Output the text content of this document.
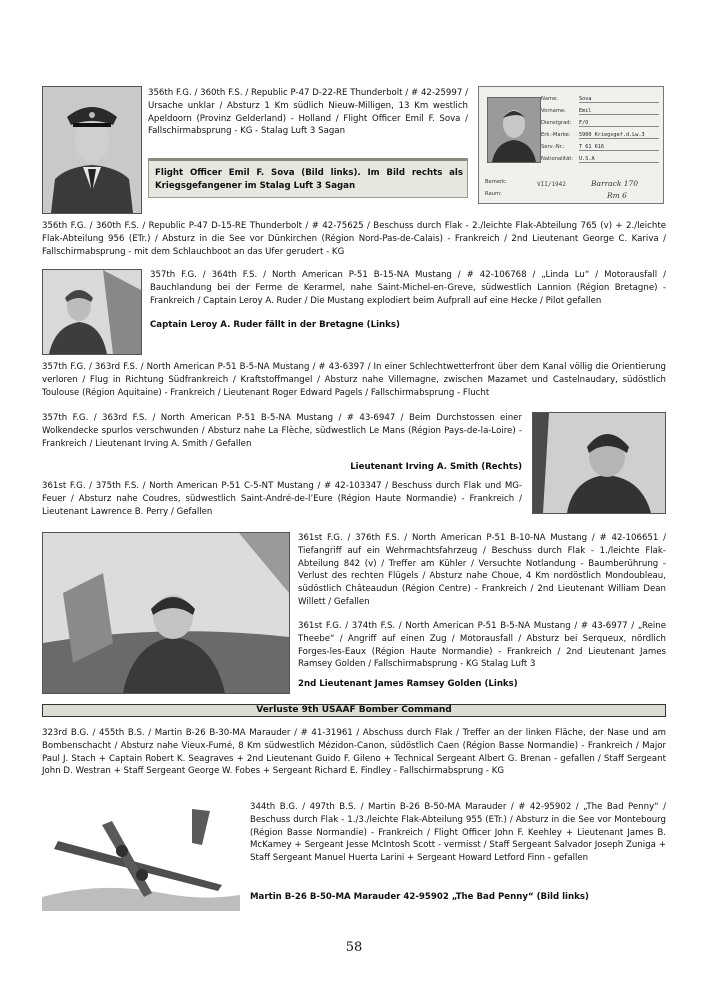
356th F.G. / 360th F.S. / Republic P-47 D-22-RE Thunderbolt / # 42-25997 / Ursache unklar / Absturz 1 Km südlich Nieuw-Milligen, 13 Km westlich Apeldoorn (Provinz Gelderland) - Holland / Flight Officer Emil F. Sova / Fallschirmabsprung - KG - Stalag Luft 3 Sagan

Flight Officer Emil F. Sova (Bild links). Im Bild rechts als Kriegsgefangener im Stalag Luft 3 Sagan
Name:	Sova
Vorname:	Emil
Dienstgrad: F/O
Erk.-Marke: 5900 Kriegsgef.d.Lw.3
Serv.-Nr.:	T 61 616
Nationalität: U.S.A
Bemerk:
Raum:
VII/1942	Barrack 170
Rm 6

356th F.G. / 360th F.S. / Republic P-47 D-15-RE Thunderbolt / # 42-75625 / Beschuss durch Flak - 2./leichte Flak-Abteilung 765 (v) + 2./leichte Flak-Abteilung 956 (ETr.) / Absturz in die See vor Dünkirchen (Région Nord-Pas-de-Calais) - Frankreich / 2nd Lieutenant George C. Kariva / Fallschirmabsprung - mit dem Schlauchboot an das Ufer gerudert - KG

357th F.G. / 364th F.S. / North American P-51 B-15-NA Mustang / # 42-106768 / „Linda Lu“ / Motorausfall / Bauchlandung bei der Ferme de Kerarmel, nahe Saint-Michel-en-Greve, südwestlich Lannion (Région Bretagne) - Frankreich / Captain Leroy A. Ruder / Die Mustang explodiert beim Aufprall auf eine Hecke / Pilot gefallen

Captain Leroy A. Ruder fällt in der Bretagne (Links)

357th F.G. / 363rd F.S. / North American P-51 B-5-NA Mustang / # 43-6397 / In einer Schlechtwetterfront über dem Kanal völlig die Orientierung verloren / Flug in Richtung Südfrankreich / Kraftstoffmangel / Absturz nahe Villemagne, zwischen Mazamet und Castelnaudary, südöstlich Toulouse (Région Aquitaine) - Frankreich / Lieutenant Roger Edward Pagels / Fallschirmabsprung - Flucht

357th F.G. / 363rd F.S. / North American P-51 B-5-NA Mustang / # 43-6947 / Beim Durchstossen einer Wolkendecke spurlos verschwunden / Absturz nahe La Flèche, südwestlich Le Mans (Région Pays-de-la-Loire) - Frankreich / Lieutenant Irving A. Smith / Gefallen

Lieutenant Irving A. Smith (Rechts)

361st F.G. / 375th F.S. / North American P-51 C-5-NT Mustang / # 42-103347 / Beschuss durch Flak und MG-Feuer / Absturz nahe Coudres, südwestlich Saint-André-de-l’Eure (Région Haute Normandie) - Frankreich / Lieutenant Lawrence B. Perry / Gefallen

361st F.G. / 376th F.S. / North American P-51 B-10-NA Mustang / # 42-106651 / Tiefangriff auf ein Wehrmachtsfahrzeug / Beschuss durch Flak - 1./leichte Flak-Abteilung 842 (v) / Treffer am Kühler / Versuchte Notlandung - Baumberührung - Verlust des rechten Flügels / Absturz nahe Choue, 4 Km nordöstlich Mondoubleau, südöstlich Châteaudun (Région Centre) - Frankreich / 2nd Lieutenant William Dean Willett / Gefallen

361st F.G. / 374th F.S. / North American P-51 B-5-NA Mustang / # 43-6977 / „Reine Theebe“ / Angriff auf einen Zug / Motorausfall / Absturz bei Serqueux, nördlich Forges-les-Eaux (Région Haute Normandie) - Frankreich / 2nd Lieutenant James Ramsey Golden / Fallschirmabsprung - KG Stalag Luft 3

2nd Lieutenant James Ramsey Golden (Links)

Verluste 9th USAAF Bomber Command

323rd B.G. / 455th B.S. / Martin B-26 B-30-MA Marauder / # 41-31961 / Abschuss durch Flak / Treffer an der linken Fläche, der Nase und am Bombenschacht / Absturz nahe Vieux-Fumé, 8 Km südwestlich Mézidon-Canon, südöstlich Caen (Région Basse Normandie) - Frankreich / Major Paul J. Stach + Captain Robert K. Seagraves + 2nd Lieutenant Guido F. Gileno + Technical Sergeant Albert G. Brenan - gefallen / Staff Sergeant John D. Westran + Staff Sergeant George W. Fobes + Sergeant Richard E. Findley - Fallschirmabsprung - KG

344th B.G. / 497th B.S. / Martin B-26 B-50-MA Marauder / # 42-95902 / „The Bad Penny“ / Beschuss durch Flak - 1./3./leichte Flak-Abteilung 955 (ETr.) / Absturz in die See vor Montebourg (Région Basse Normandie) - Frankreich / Flight Officer John F. Keehley + Lieutenant James B. McKamey + Sergeant Jesse McIntosh Scott - vermisst / Staff Sergeant Salvador Joseph Zuniga + Staff Sergeant Manuel Huerta Larini + Sergeant Howard Letford Finn - gefallen

Martin B-26 B-50-MA Marauder 42-95902 „The Bad Penny“ (Bild links)

58
